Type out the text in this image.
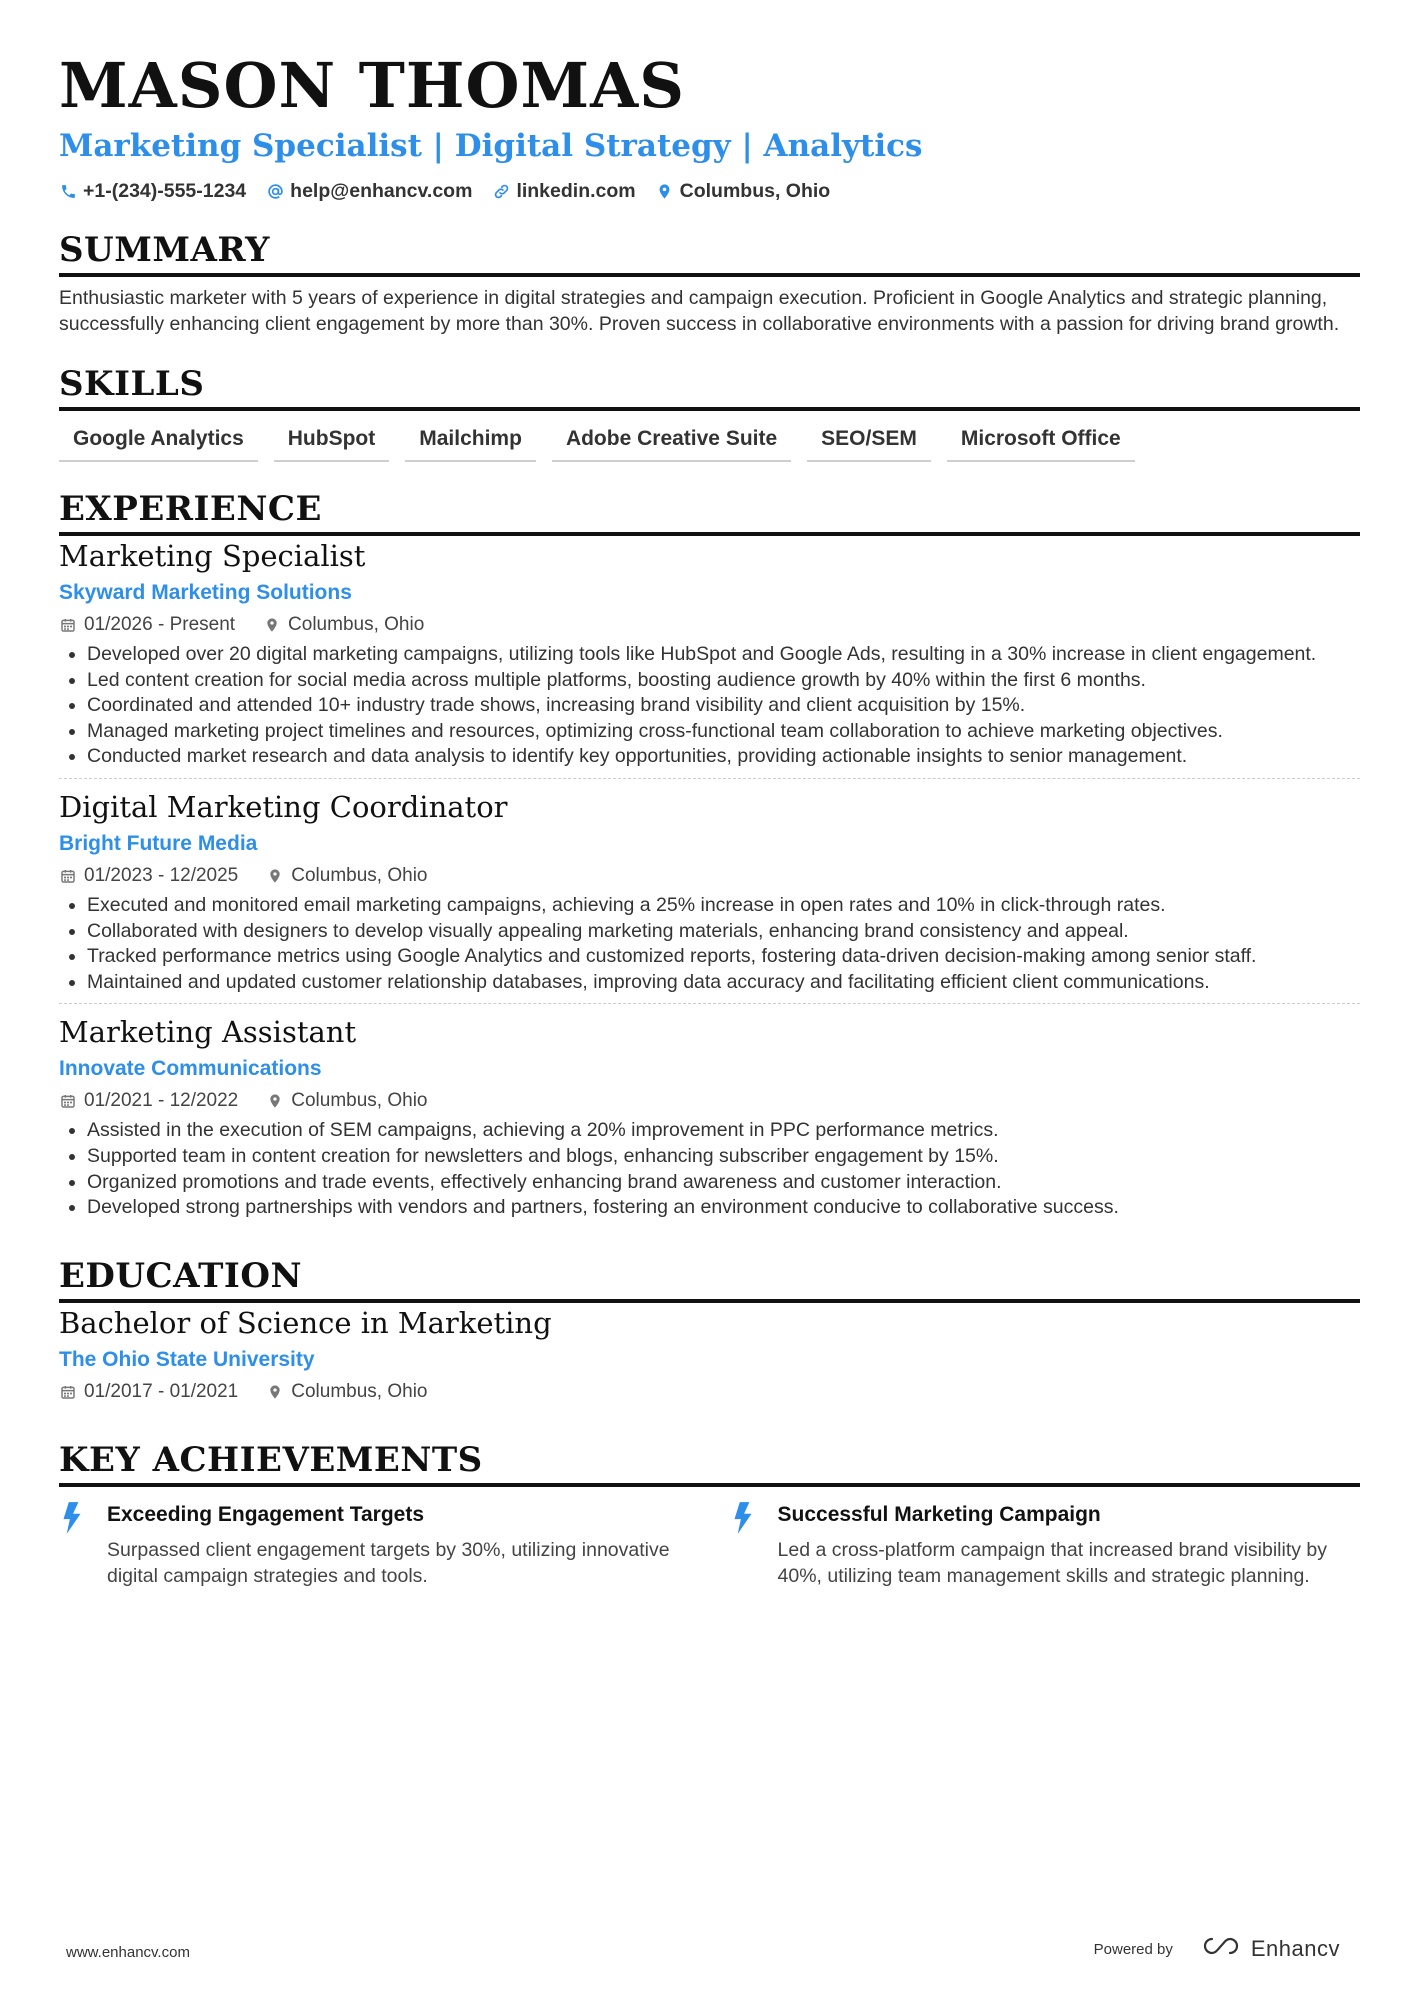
MASON THOMAS
Marketing Specialist | Digital Strategy | Analytics
+1-(234)-555-1234 help@enhancv.com linkedin.com Columbus, Ohio
SUMMARY
Enthusiastic marketer with 5 years of experience in digital strategies and campaign execution. Proficient in Google Analytics and strategic planning, successfully enhancing client engagement by more than 30%. Proven success in collaborative environments with a passion for driving brand growth.
SKILLS
Google Analytics	HubSpot	Mailchimp	Adobe Creative Suite	SEO/SEM	Microsoft Office
EXPERIENCE
Marketing Specialist
Skyward Marketing Solutions
01/2026 - Present	Columbus, Ohio
• Developed over 20 digital marketing campaigns, utilizing tools like HubSpot and Google Ads, resulting in a 30% increase in client engagement.
• Led content creation for social media across multiple platforms, boosting audience growth by 40% within the first 6 months.
• Coordinated and attended 10+ industry trade shows, increasing brand visibility and client acquisition by 15%.
• Managed marketing project timelines and resources, optimizing cross-functional team collaboration to achieve marketing objectives.
• Conducted market research and data analysis to identify key opportunities, providing actionable insights to senior management.
Digital Marketing Coordinator
Bright Future Media
01/2023 - 12/2025	Columbus, Ohio
• Executed and monitored email marketing campaigns, achieving a 25% increase in open rates and 10% in click-through rates.
• Collaborated with designers to develop visually appealing marketing materials, enhancing brand consistency and appeal.
• Tracked performance metrics using Google Analytics and customized reports, fostering data-driven decision-making among senior staff.
• Maintained and updated customer relationship databases, improving data accuracy and facilitating efficient client communications.
Marketing Assistant
Innovate Communications
01/2021 - 12/2022	Columbus, Ohio
• Assisted in the execution of SEM campaigns, achieving a 20% improvement in PPC performance metrics.
• Supported team in content creation for newsletters and blogs, enhancing subscriber engagement by 15%.
• Organized promotions and trade events, effectively enhancing brand awareness and customer interaction.
• Developed strong partnerships with vendors and partners, fostering an environment conducive to collaborative success.
EDUCATION
Bachelor of Science in Marketing
The Ohio State University
01/2017 - 01/2021	Columbus, Ohio
KEY ACHIEVEMENTS
Exceeding Engagement Targets
Surpassed client engagement targets by 30%, utilizing innovative digital campaign strategies and tools.
Successful Marketing Campaign
Led a cross-platform campaign that increased brand visibility by 40%, utilizing team management skills and strategic planning.
www.enhancv.com	Powered by	Enhancv
